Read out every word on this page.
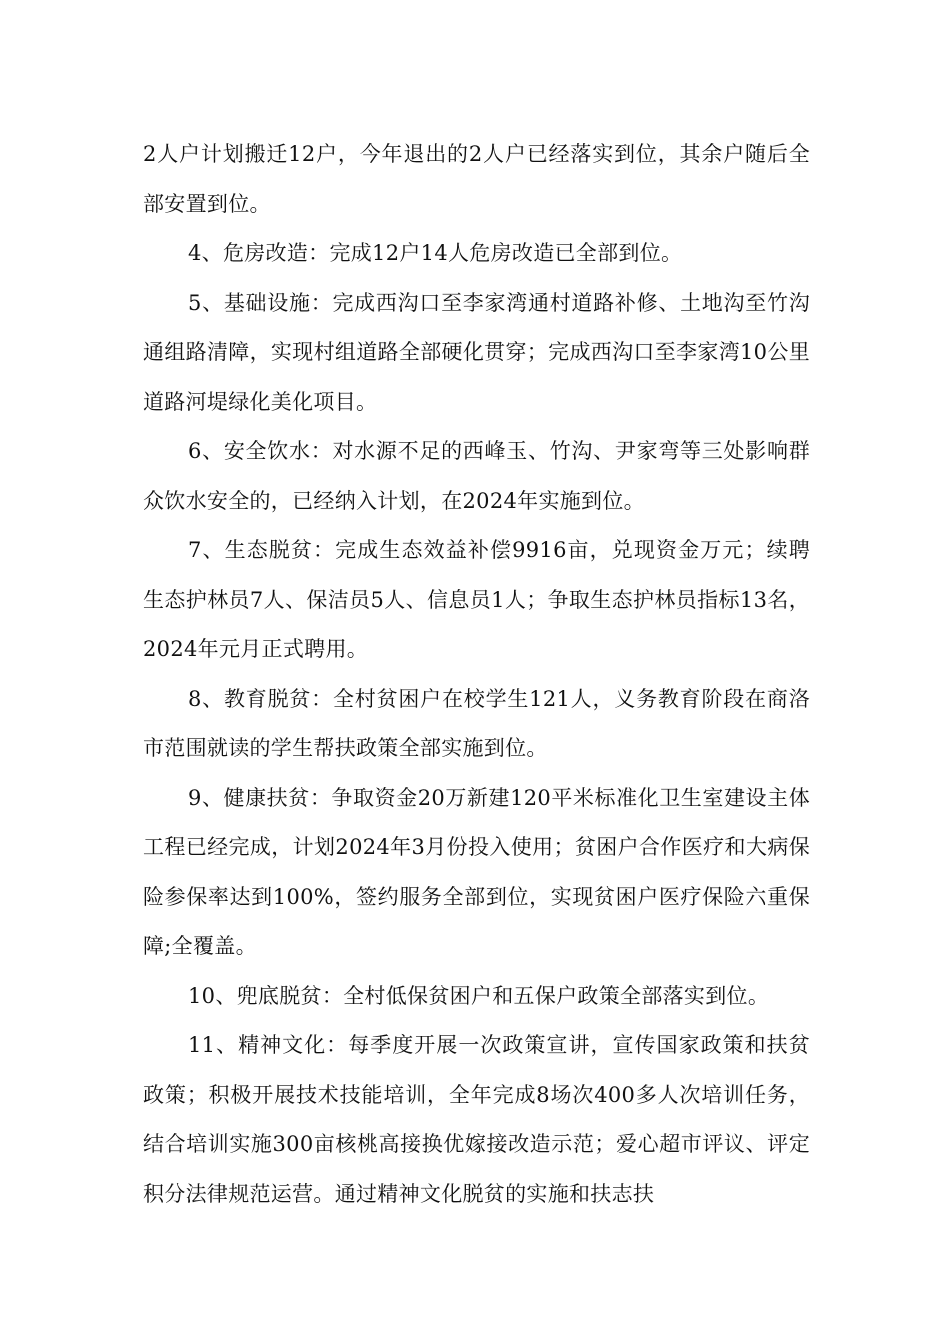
2人户计划搬迁12户，今年退出的2人户已经落实到位，其余户随后全部安置到位。

4、危房改造：完成12户14人危房改造已全部到位。

5、基础设施：完成西沟口至李家湾通村道路补修、土地沟至竹沟通组路清障，实现村组道路全部硬化贯穿；完成西沟口至李家湾10公里道路河堤绿化美化项目。

6、安全饮水：对水源不足的西峰玉、竹沟、尹家弯等三处影响群众饮水安全的，已经纳入计划，在2024年实施到位。

7、生态脱贫：完成生态效益补偿9916亩，兑现资金万元；续聘生态护林员7人、保洁员5人、信息员1人；争取生态护林员指标13名，2024年元月正式聘用。

8、教育脱贫：全村贫困户在校学生121人，义务教育阶段在商洛市范围就读的学生帮扶政策全部实施到位。

9、健康扶贫：争取资金20万新建120平米标准化卫生室建设主体工程已经完成，计划2024年3月份投入使用；贫困户合作医疗和大病保险参保率达到100%，签约服务全部到位，实现贫困户医疗保险六重保障;全覆盖。

10、兜底脱贫：全村低保贫困户和五保户政策全部落实到位。

11、精神文化：每季度开展一次政策宣讲，宣传国家政策和扶贫政策；积极开展技术技能培训，全年完成8场次400多人次培训任务，结合培训实施300亩核桃高接换优嫁接改造示范；爱心超市评议、评定积分法律规范运营。通过精神文化脱贫的实施和扶志扶
